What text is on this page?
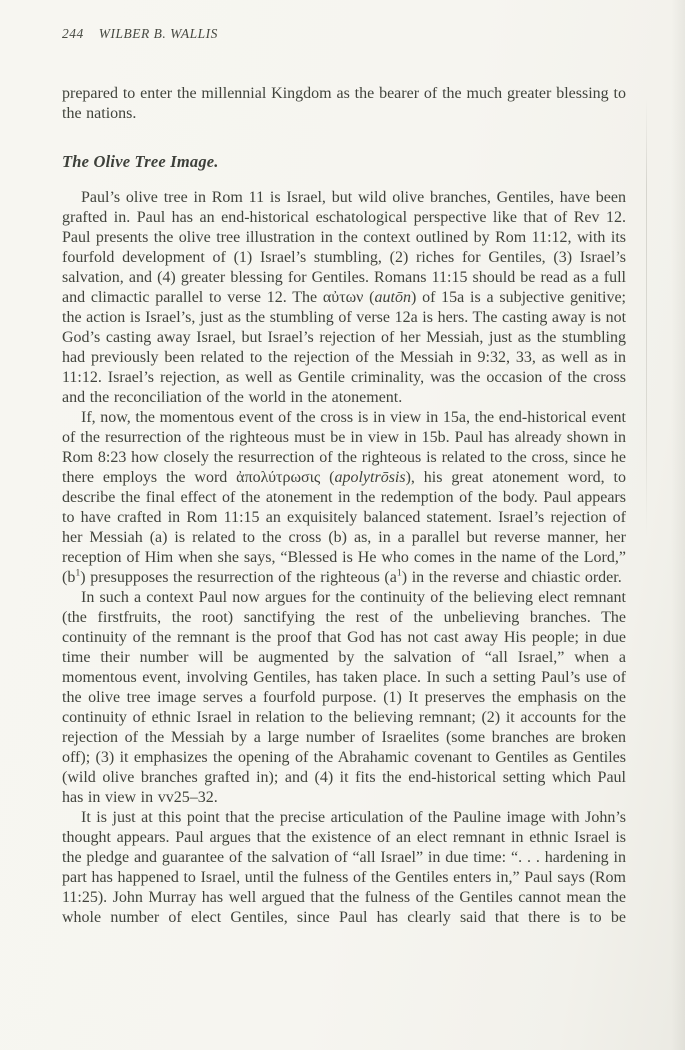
244 WILBER B. WALLIS

prepared to enter the millennial Kingdom as the bearer of the much greater blessing to the nations.

The Olive Tree Image.

Paul’s olive tree in Rom 11 is Israel, but wild olive branches, Gentiles, have been grafted in. Paul has an end-historical eschatological perspective like that of Rev 12. Paul presents the olive tree illustration in the context outlined by Rom 11:12, with its fourfold development of (1) Israel’s stumbling, (2) riches for Gentiles, (3) Israel’s salvation, and (4) greater blessing for Gentiles. Romans 11:15 should be read as a full and climactic parallel to verse 12. The αὐτων (autōn) of 15a is a subjective genitive; the action is Israel’s, just as the stumbling of verse 12a is hers. The casting away is not God’s casting away Israel, but Israel’s rejection of her Messiah, just as the stumbling had previously been related to the rejection of the Messiah in 9:32, 33, as well as in 11:12. Israel’s rejection, as well as Gentile criminality, was the occasion of the cross and the reconciliation of the world in the atonement.

If, now, the momentous event of the cross is in view in 15a, the end-historical event of the resurrection of the righteous must be in view in 15b. Paul has already shown in Rom 8:23 how closely the resurrection of the righteous is related to the cross, since he there employs the word ἀπολύτρωσις (apolytrōsis), his great atonement word, to describe the final effect of the atonement in the redemption of the body. Paul appears to have crafted in Rom 11:15 an exquisitely balanced statement. Israel’s rejection of her Messiah (a) is related to the cross (b) as, in a parallel but reverse manner, her reception of Him when she says, “Blessed is He who comes in the name of the Lord,” $(b^1)$ presupposes the resurrection of the righteous $(a^1)$ in the reverse and chiastic order.

In such a context Paul now argues for the continuity of the believing elect remnant (the firstfruits, the root) sanctifying the rest of the unbelieving branches. The continuity of the remnant is the proof that God has not cast away His people; in due time their number will be augmented by the salvation of “all Israel,” when a momentous event, involving Gentiles, has taken place. In such a setting Paul’s use of the olive tree image serves a fourfold purpose. (1) It preserves the emphasis on the continuity of ethnic Israel in relation to the believing remnant; (2) it accounts for the rejection of the Messiah by a large number of Israelites (some branches are broken off); (3) it emphasizes the opening of the Abrahamic covenant to Gentiles as Gentiles (wild olive branches grafted in); and (4) it fits the end-historical setting which Paul has in view in vv25–32.

It is just at this point that the precise articulation of the Pauline image with John’s thought appears. Paul argues that the existence of an elect remnant in ethnic Israel is the pledge and guarantee of the salvation of “all Israel” in due time: “. . . hardening in part has happened to Israel, until the fulness of the Gentiles enters in,” Paul says (Rom 11:25). John Murray has well argued that the fulness of the Gentiles cannot mean the whole number of elect Gentiles, since Paul has clearly said that there is to be
